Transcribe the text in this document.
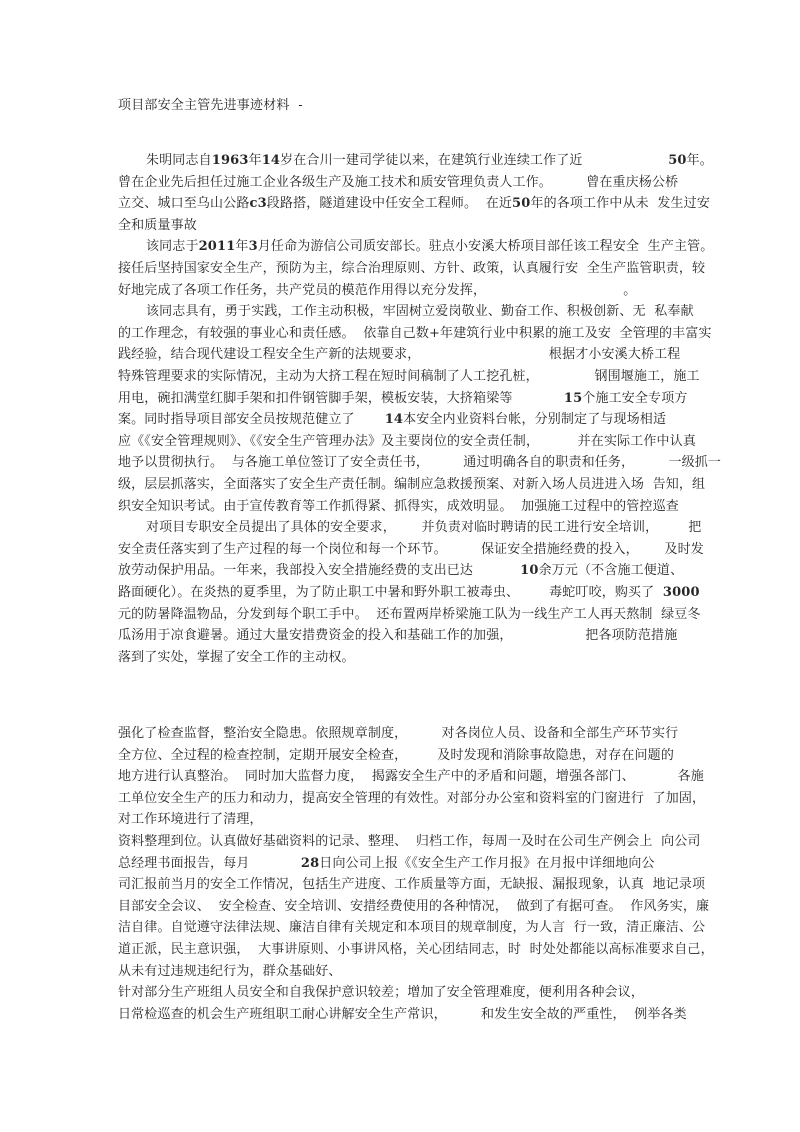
项目部安全主管先进事迹材料  -
朱明同志自1963年14岁在合川一建司学徒以来，在建筑行业连续工作了近                    50年。
曾在企业先后担任过施工企业各级生产及施工技术和质安管理负责人工作。        曾在重庆杨公桥
立交、城口至乌山公路c3段路搭，隧道建设中任安全工程师。  在近50年的各项工作中从未  发生过安
全和质量事故
该同志于2011年3月任命为游信公司质安部长。驻点小安溪大桥项目部任该工程安全  生产主管。
接任后坚持国家安全生产，预防为主，综合治理原则、方针、政策，认真履行安  全生产监管职责，较
好地完成了各项工作任务，共产党员的模范作用得以充分发挥，                                。
该同志具有，勇于实践，工作主动积极，牢固树立爱岗敬业、勤奋工作、积极创新、无  私奉献
的工作理念，有较强的事业心和责任感。  依靠自己数+年建筑行业中积累的施工及安  全管理的丰富实
践经验，结合现代建设工程安全生产新的法规要求，                              根据才小安溪大桥工程
特殊管理要求的实际情况，主动为大挤工程在短时间稿制了人工挖孔桩，             钢围堰施工，施工
用电，碗扣满堂红脚手架和扣件钢管脚手架，模板安装，大挤箱梁等            15个施工安全专项方
案。同时指导项目部安全员按规范健立了       14本安全内业资料台帐，分别制定了与现场相适
应《《安全管理规则》、《《安全生产管理办法》及主要岗位的安全责任制，         并在实际工作中认真
地予以贯彻执行。  与各施工单位签订了安全责任书，        通过明确各自的职责和任务，        一级抓一
级，层层抓落实，全面落实了安全生产责任制。编制应急救援预案、对新入场人员进进入场  告知，组
织安全知识考试。由于宣传教育等工作抓得紧、抓得实，成效明显。  加强施工过程中的管控巡查
对项目专职安全员提出了具体的安全要求，      并负责对临时聘请的民工进行安全培训，       把
安全责任落实到了生产过程的每一个岗位和每一个环节。        保证安全措施经费的投入，      及时发
放劳动保护用品。一年来，我部投入安全措施经费的支出已达           10余万元（不含施工便道、
路面硬化）。在炎热的夏季里，为了防止职工中暑和野外职工被毒虫、       毒蛇叮咬，购买了  3000
元的防暑降温物品，分发到每个职工手中。  还布置两岸桥梁施工队为一线生产工人再天熬制  绿豆冬
瓜汤用于凉食避暑。通过大量安措费资金的投入和基础工作的加强，                 把各项防范措施
落到了实处，掌握了安全工作的主动权。
强化了检查监督，整治安全隐患。依照规章制度，        对各岗位人员、设备和全部生产环节实行
全方位、全过程的检查控制，定期开展安全检查，       及时发现和消除事故隐患，对存在问题的
地方进行认真整治。  同时加大监督力度，  揭露安全生产中的矛盾和问题，增强各部门、          各施
工单位安全生产的压力和动力，提高安全管理的有效性。对部分办公室和资料室的门窗进行  了加固，
对工作环境进行了清理，
资料整理到位。认真做好基础资料的记录、整理、  归档工作，每周一及时在公司生产例会上  向公司
总经理书面报告，每月            28日向公司上报《《安全生产工作月报》在月报中详细地向公
司汇报前当月的安全工作情况，包括生产进度、工作质量等方面，无缺报、漏报现象，认真  地记录项
目部安全会议、  安全检查、安全培训、安措经费使用的各种情况，  做到了有据可查。  作风务实，廉
洁自律。自觉遵守法律法规、廉洁自律有关规定和本项目的规章制度，为人言  行一致，清正廉洁、公
道正派，民主意识强，  大事讲原则、小事讲风格，关心团结同志，时  时处处都能以高标准要求自己，
从未有过违规违纪行为，群众基础好、
针对部分生产班组人员安全和自我保护意识较差；增加了安全管理难度，便利用各种会议，
日常检巡查的机会生产班组职工耐心讲解安全生产常识，        和发生安全故的严重性，  例举各类
